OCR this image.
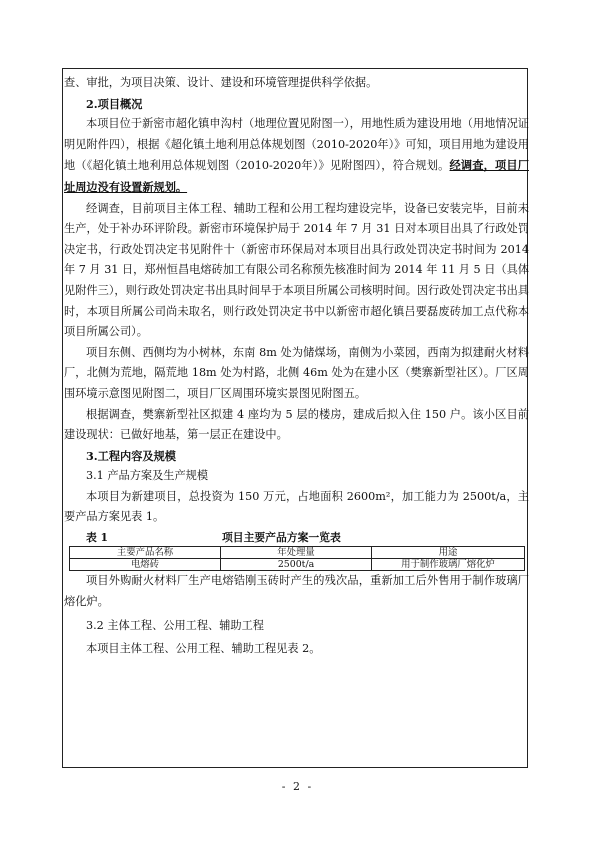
查、审批，为项目决策、设计、建设和环境管理提供科学依据。

2.项目概况

本项目位于新密市超化镇申沟村（地理位置见附图一），用地性质为建设用地（用地情况证明见附件四），根据《超化镇土地利用总体规划图（2010-2020年）》可知，项目用地为建设用地（《超化镇土地利用总体规划图（2010-2020年）》见附图四），符合规划。经调查，项目厂址周边没有设置新规划。

经调查，目前项目主体工程、辅助工程和公用工程均建设完毕，设备已安装完毕，目前未生产，处于补办环评阶段。新密市环境保护局于 2014 年 7 月 31 日对本项目出具了行政处罚决定书，行政处罚决定书见附件十（新密市环保局对本项目出具行政处罚决定书时间为 2014 年 7 月 31 日，郑州恒昌电熔砖加工有限公司名称预先核准时间为 2014 年 11 月 5 日（具体见附件三），则行政处罚决定书出具时间早于本项目所属公司核明时间。因行政处罚决定书出具时，本项目所属公司尚未取名，则行政处罚决定书中以新密市超化镇吕要磊废砖加工点代称本项目所属公司）。

项目东侧、西侧均为小树林，东南 8m 处为储煤场，南侧为小菜园，西南为拟建耐火材料厂，北侧为荒地，隔荒地 18m 处为村路，北侧 46m 处为在建小区（樊寨新型社区）。厂区周围环境示意图见附图二，项目厂区周围环境实景图见附图五。

根据调查，樊寨新型社区拟建 4 座均为 5 层的楼房，建成后拟入住 150 户。该小区目前建设现状：已做好地基，第一层正在建设中。

3.工程内容及规模

3.1 产品方案及生产规模

本项目为新建项目，总投资为 150 万元，占地面积 2600m²，加工能力为 2500t/a，主要产品方案见表 1。

表 1	项目主要产品方案一览表
主要产品名称	年处理量	用途
电熔砖	2500t/a	用于制作玻璃厂熔化炉

项目外购耐火材料厂生产电熔锆刚玉砖时产生的残次品，重新加工后外售用于制作玻璃厂熔化炉。

3.2 主体工程、公用工程、辅助工程

本项目主体工程、公用工程、辅助工程见表 2。

- 2 -
